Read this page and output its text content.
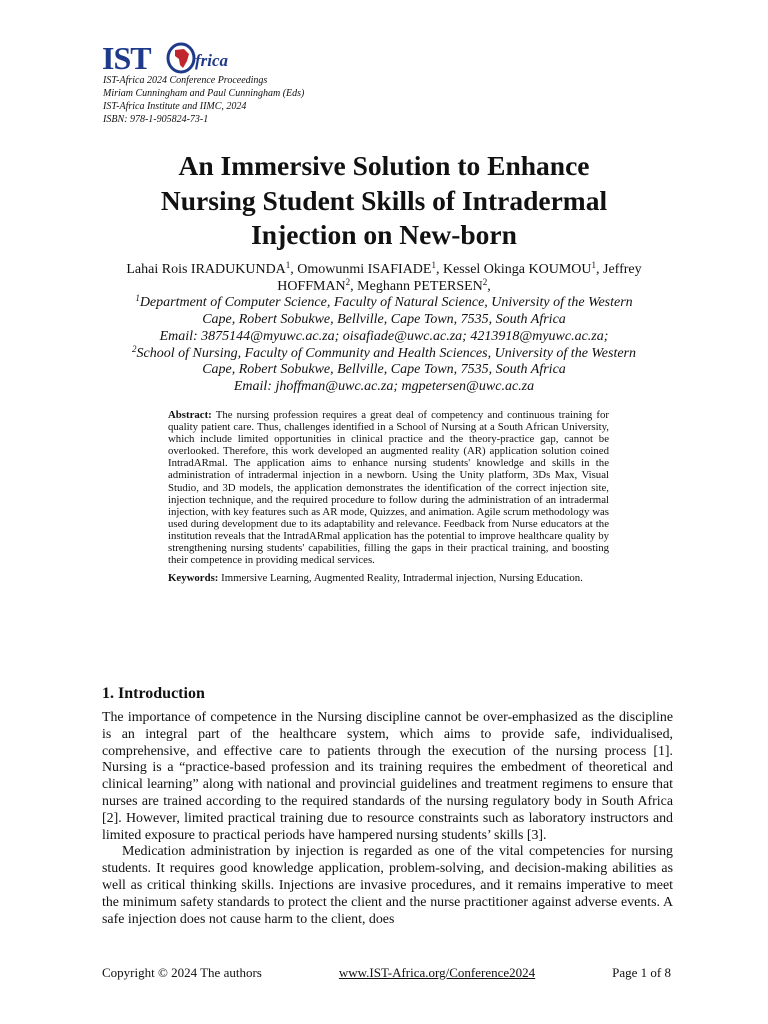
IST	frica
IST-Africa 2024 Conference Proceedings
Miriam Cunningham and Paul Cunningham (Eds)
IST-Africa Institute and IIMC, 2024
ISBN: 978-1-905824-73-1
An Immersive Solution to Enhance
Nursing Student Skills of Intradermal
Injection on New-born
Lahai Rois IRADUKUNDA$^1$, Omowunmi ISAFIADE$^1$, Kessel Okinga KOUMOU$^1$, Jeffrey
HOFFMAN$^2$, Meghann PETERSEN$^2$,
$^1$Department of Computer Science, Faculty of Natural Science, University of the Western
Cape, Robert Sobukwe, Bellville, Cape Town, 7535, South Africa
Email: 3875144@myuwc.ac.za; oisafiade@uwc.ac.za; 4213918@myuwc.ac.za;
$^2$School of Nursing, Faculty of Community and Health Sciences, University of the Western
Cape, Robert Sobukwe, Bellville, Cape Town, 7535, South Africa
Email: jhoffman@uwc.ac.za; mgpetersen@uwc.ac.za

Abstract: The nursing profession requires a great deal of competency and continuous training for quality patient care. Thus, challenges identified in a School of Nursing at a South African University, which include limited opportunities in clinical practice and the theory-practice gap, cannot be overlooked. Therefore, this work developed an augmented reality (AR) application solution coined IntradARmal. The application aims to enhance nursing students' knowledge and skills in the administration of intradermal injection in a newborn. Using the Unity platform, 3Ds Max, Visual Studio, and 3D models, the application demonstrates the identification of the correct injection site, injection technique, and the required procedure to follow during the administration of an intradermal injection, with key features such as AR mode, Quizzes, and animation. Agile scrum methodology was used during development due to its adaptability and relevance. Feedback from Nurse educators at the institution reveals that the IntradARmal application has the potential to improve healthcare quality by strengthening nursing students' capabilities, filling the gaps in their practical training, and boosting their competence in providing medical services.

Keywords: Immersive Learning, Augmented Reality, Intradermal injection, Nursing Education.

1. Introduction

The importance of competence in the Nursing discipline cannot be over-emphasized as the discipline is an integral part of the healthcare system, which aims to provide safe, individualised, comprehensive, and effective care to patients through the execution of the nursing process [1]. Nursing is a “practice-based profession and its training requires the embedment of theoretical and clinical learning” along with national and provincial guidelines and treatment regimens to ensure that nurses are trained according to the required standards of the nursing regulatory body in South Africa [2]. However, limited practical training due to resource constraints such as laboratory instructors and limited exposure to practical periods have hampered nursing students’ skills [3].

Medication administration by injection is regarded as one of the vital competencies for nursing students. It requires good knowledge application, problem-solving, and decision-making abilities as well as critical thinking skills. Injections are invasive procedures, and it remains imperative to meet the minimum safety standards to protect the client and the nurse practitioner against adverse events. A safe injection does not cause harm to the client, does

Copyright © 2024 The authors	www.IST-Africa.org/Conference2024	Page 1 of 8
